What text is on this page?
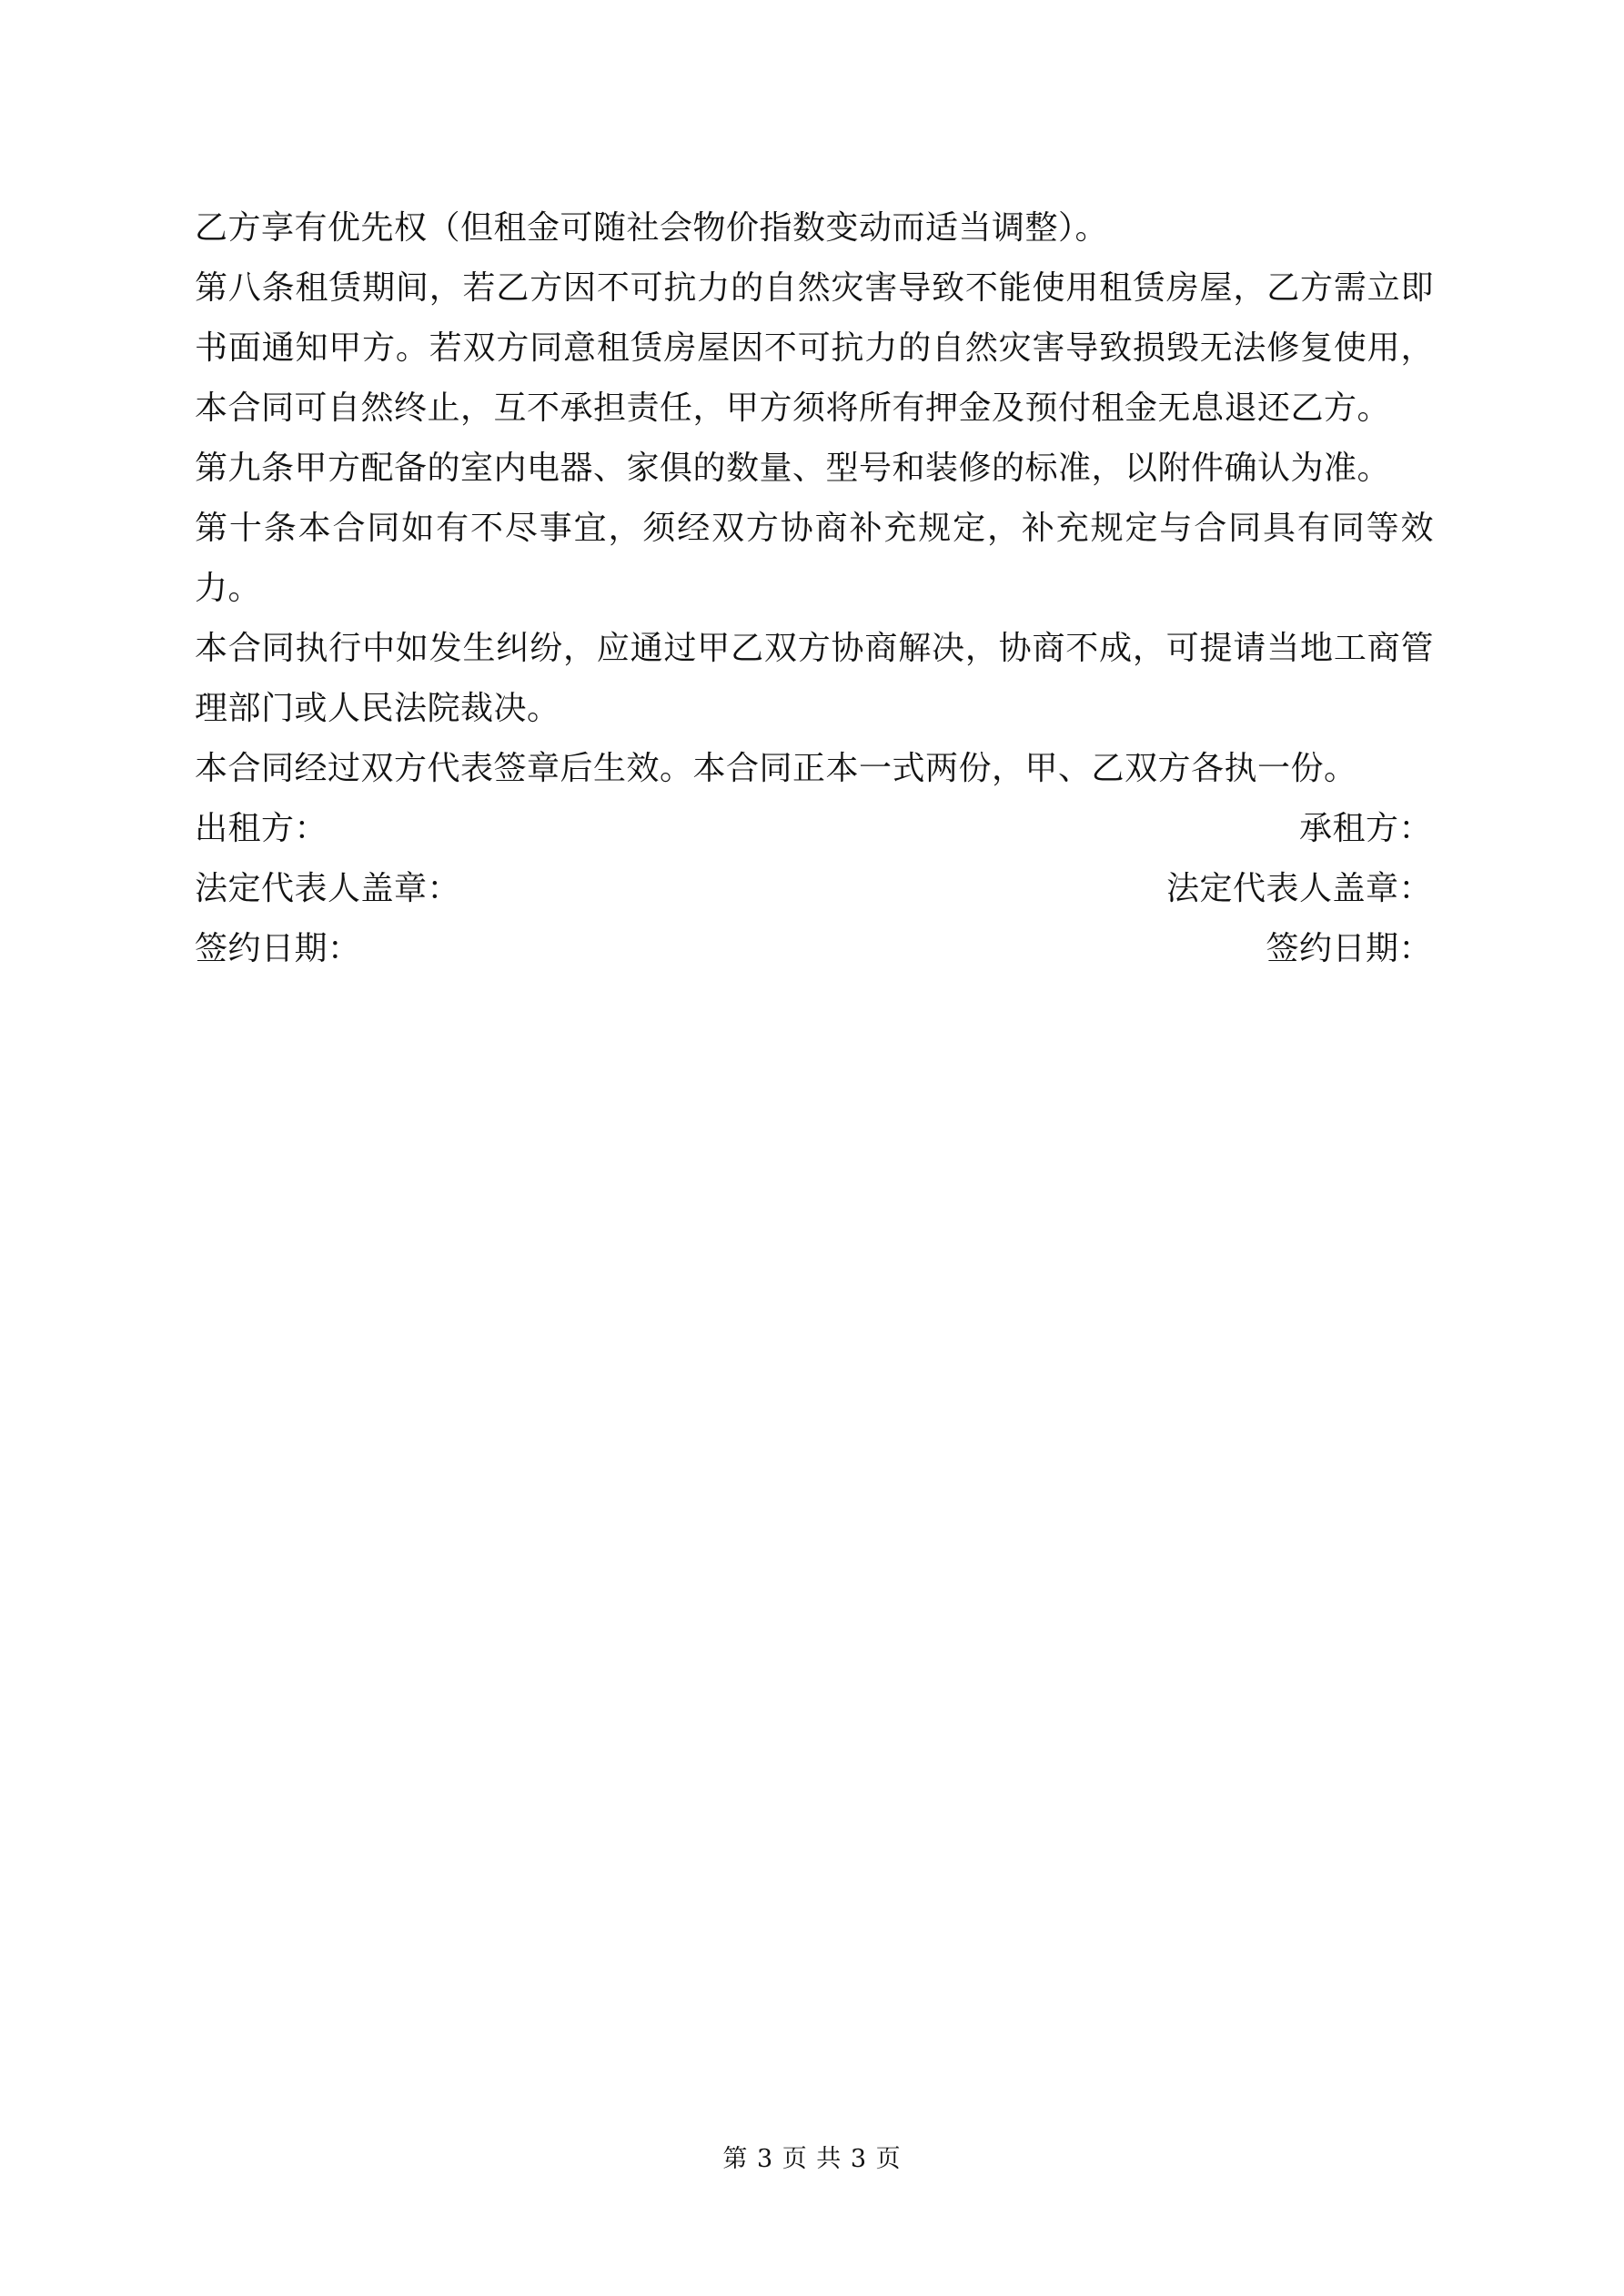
乙方享有优先权（但租金可随社会物价指数变动而适当调整）。

第八条租赁期间，若乙方因不可抗力的自然灾害导致不能使用租赁房屋，乙方需立即书面通知甲方。若双方同意租赁房屋因不可抗力的自然灾害导致损毁无法修复使用，本合同可自然终止，互不承担责任，甲方须将所有押金及预付租金无息退还乙方。

第九条甲方配备的室内电器、家俱的数量、型号和装修的标准，以附件确认为准。

第十条本合同如有不尽事宜，须经双方协商补充规定，补充规定与合同具有同等效力。

本合同执行中如发生纠纷，应通过甲乙双方协商解决，协商不成，可提请当地工商管理部门或人民法院裁决。

本合同经过双方代表签章后生效。本合同正本一式两份，甲、乙双方各执一份。

出租方：	承租方：
法定代表人盖章：	法定代表人盖章：
签约日期：	签约日期：
第 3 页 共 3 页
